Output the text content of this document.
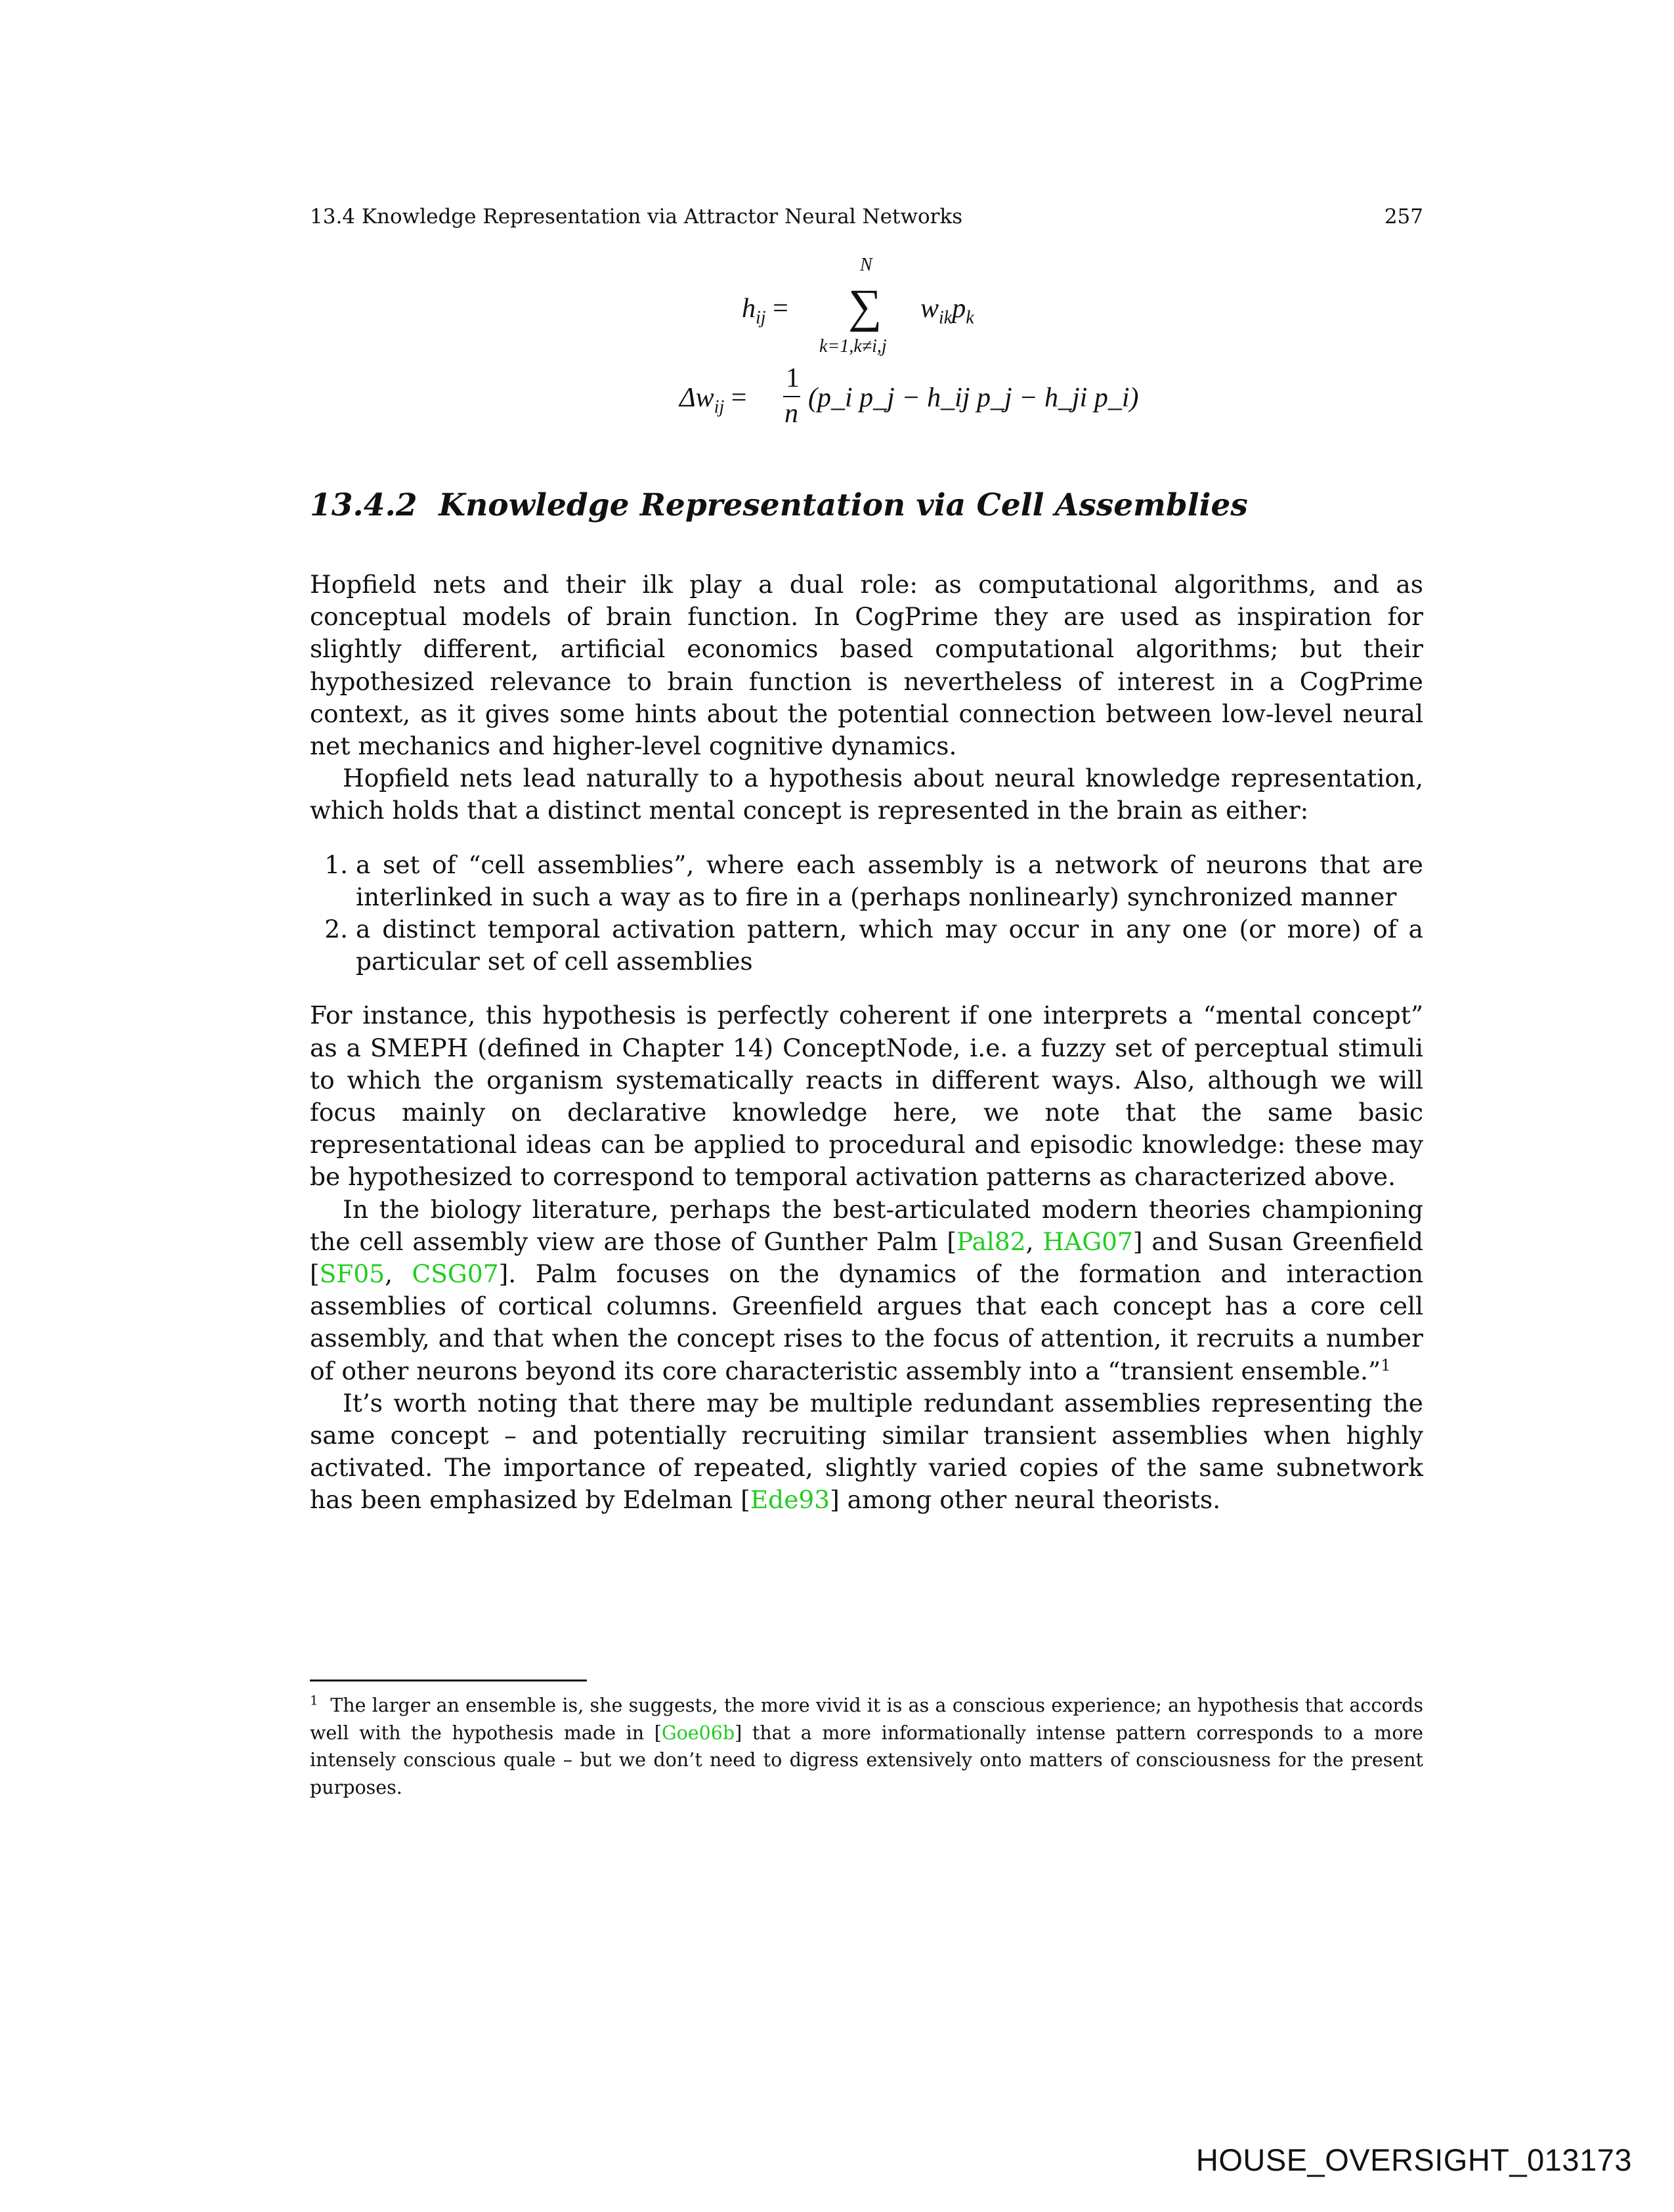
13.4 Knowledge Representation via Attractor Neural Networks	257
$h_{ij}$ =
N
∑
k=1,k≠i,j
$w_{ik}p_k$
$\Delta w_{ij}$ =
1
n
(p_i p_j − h_ij p_j − h_ji p_i)
13.4.2 Knowledge Representation via Cell Assemblies

Hopfield nets and their ilk play a dual role: as computational algorithms, and as conceptual models of brain function. In CogPrime they are used as inspiration for slightly different, artificial economics based computational algorithms; but their hypothesized relevance to brain function is nevertheless of interest in a CogPrime context, as it gives some hints about the potential connection between low-level neural net mechanics and higher-level cognitive dynamics.

Hopfield nets lead naturally to a hypothesis about neural knowledge representation, which holds that a distinct mental concept is represented in the brain as either:

1. a set of “cell assemblies”, where each assembly is a network of neurons that are interlinked in such a way as to fire in a (perhaps nonlinearly) synchronized manner
2. a distinct temporal activation pattern, which may occur in any one (or more) of a particular set of cell assemblies

For instance, this hypothesis is perfectly coherent if one interprets a “mental concept” as a SMEPH (defined in Chapter 14) ConceptNode, i.e. a fuzzy set of perceptual stimuli to which the organism systematically reacts in different ways. Also, although we will focus mainly on declarative knowledge here, we note that the same basic representational ideas can be applied to procedural and episodic knowledge: these may be hypothesized to correspond to temporal activation patterns as characterized above.

In the biology literature, perhaps the best-articulated modern theories championing the cell assembly view are those of Gunther Palm [Pal82, HAG07] and Susan Greenfield [SF05, CSG07]. Palm focuses on the dynamics of the formation and interaction assemblies of cortical columns. Greenfield argues that each concept has a core cell assembly, and that when the concept rises to the focus of attention, it recruits a number of other neurons beyond its core characteristic assembly into a “transient ensemble.”$^1$

It’s worth noting that there may be multiple redundant assemblies representing the same concept – and potentially recruiting similar transient assemblies when highly activated. The importance of repeated, slightly varied copies of the same subnetwork has been emphasized by Edelman [Ede93] among other neural theorists.

$^1$ The larger an ensemble is, she suggests, the more vivid it is as a conscious experience; an hypothesis that accords well with the hypothesis made in [Goe06b] that a more informationally intense pattern corresponds to a more intensely conscious quale – but we don’t need to digress extensively onto matters of consciousness for the present purposes.
HOUSE_OVERSIGHT_013173
